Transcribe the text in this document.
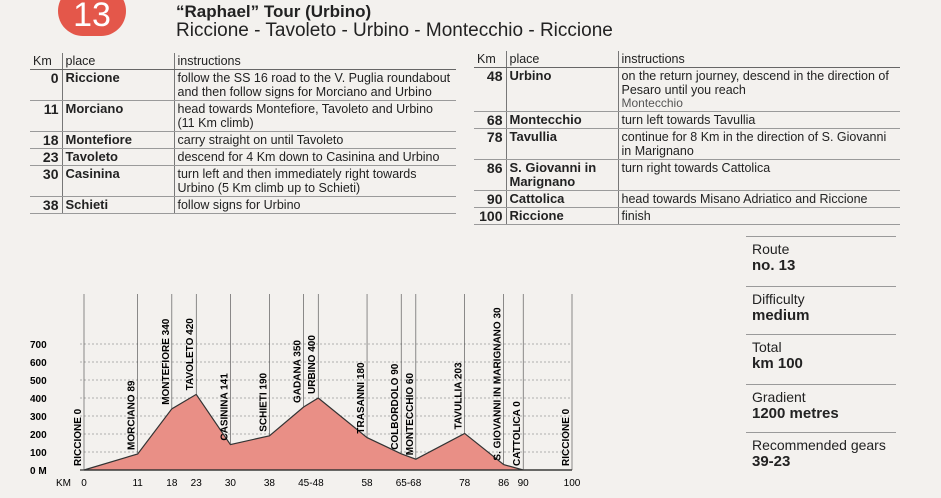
13	“Raphael” Tour (Urbino)
Riccione - Tavoleto - Urbino - Montecchio - Riccione
Km	place	instructions
0	Riccione	follow the SS 16 road to the V. Puglia roundabout and then follow signs for Morciano and Urbino
11	Morciano	head towards Montefiore, Tavoleto and Urbino (11 Km climb)
18	Montefiore	carry straight on until Tavoleto
23	Tavoleto	descend for 4 Km down to Casinina and Urbino
30	Casinina	turn left and then immediately right towards Urbino (5 Km climb up to Schieti)
38	Schieti	follow signs for Urbino
Km	place	instructions
48	Urbino	on the return journey, descend in the direction of Pesaro until you reach
Montecchio

68	Montecchio	turn left towards Tavullia
78	Tavullia	continue for 8 Km in the direction of S. Giovanni in Marignano
86	S. Giovanni in Marignano	turn right towards Cattolica
90	Cattolica	head towards Misano Adriatico and Riccione
100	Riccione	finish
Route
no. 13
Difficulty
medium
Total
km 100
Gradient
1200 metres
Recommended gears
39-23
700
600
500
400
300
200
100
0 M
RICCIONE 0	MORCIANO 89
MONTEFIORE 340 TAVOLETO 420
CASININA 141	SCHIETI 190 GADANA 350 URBINO 400	TRASANNI 180 COLBORDOLO 90 MONTECCHIO 60	TAVULLIA 203	S. GIOVANNI IN MARIGNANO 30 CATTOLICA 0	RICCIONE 0
KM 0	11 18 23 30	38 45-48	58 65-68	78	86 90	100
